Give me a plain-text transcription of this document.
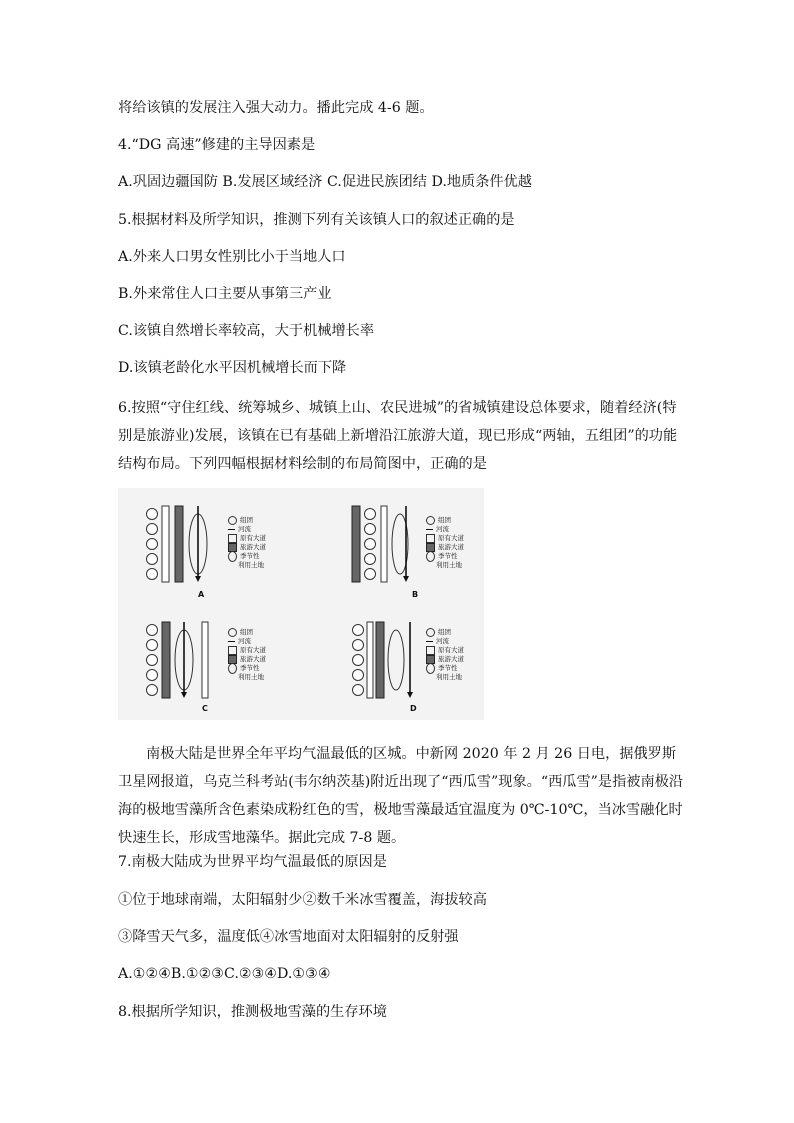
将给该镇的发展注入强大动力。播此完成 4-6 题。
4.“DG 高速”修建的主导因素是
A.巩固边疆国防 B.发展区域经济 C.促进民族团结 D.地质条件优越
5.根据材料及所学知识，推测下列有关该镇人口的叙述正确的是
A.外来人口男女性别比小于当地人口
B.外来常住人口主要从事第三产业
C.该镇自然增长率较高，大于机械增长率
D.该镇老龄化水平因机械增长而下降
6.按照“守住红线、统筹城乡、城镇上山、农民进城”的省城镇建设总体要求，随着经济(特别是旅游业)发展，该镇在已有基础上新增沿江旅游大道，现已形成“两轴，五组团”的功能结构布局。下列四幅根据材料绘制的布局简图中，正确的是
组团
河流
原有大道
旅游大道
季节性
利用土地
A
组团
河流
原有大道
旅游大道
季节性
利用土地
B
组团
河流
原有大道
旅游大道
季节性
利用土地
C
组团
河流
原有大道
旅游大道
季节性
利用土地
D
南极大陆是世界全年平均气温最低的区城。中新网 2020 年 2 月 26 日电，据俄罗斯卫星网报道，乌克兰科考站(韦尔纳茨基)附近出现了“西瓜雪”现象。“西瓜雪”是指被南极沿海的极地雪藻所含色素染成粉红色的雪，极地雪藻最适宜温度为 0℃-10℃，当冰雪融化时快速生长，形成雪地藻华。据此完成 7-8 题。
7.南极大陆成为世界平均气温最低的原因是
①位于地球南端，太阳辐射少②数千米冰雪覆盖，海拔较高
③降雪天气多，温度低④冰雪地面对太阳辐射的反射强
A.①②④B.①②③C.②③④D.①③④
8.根据所学知识，推测极地雪藻的生存环境
